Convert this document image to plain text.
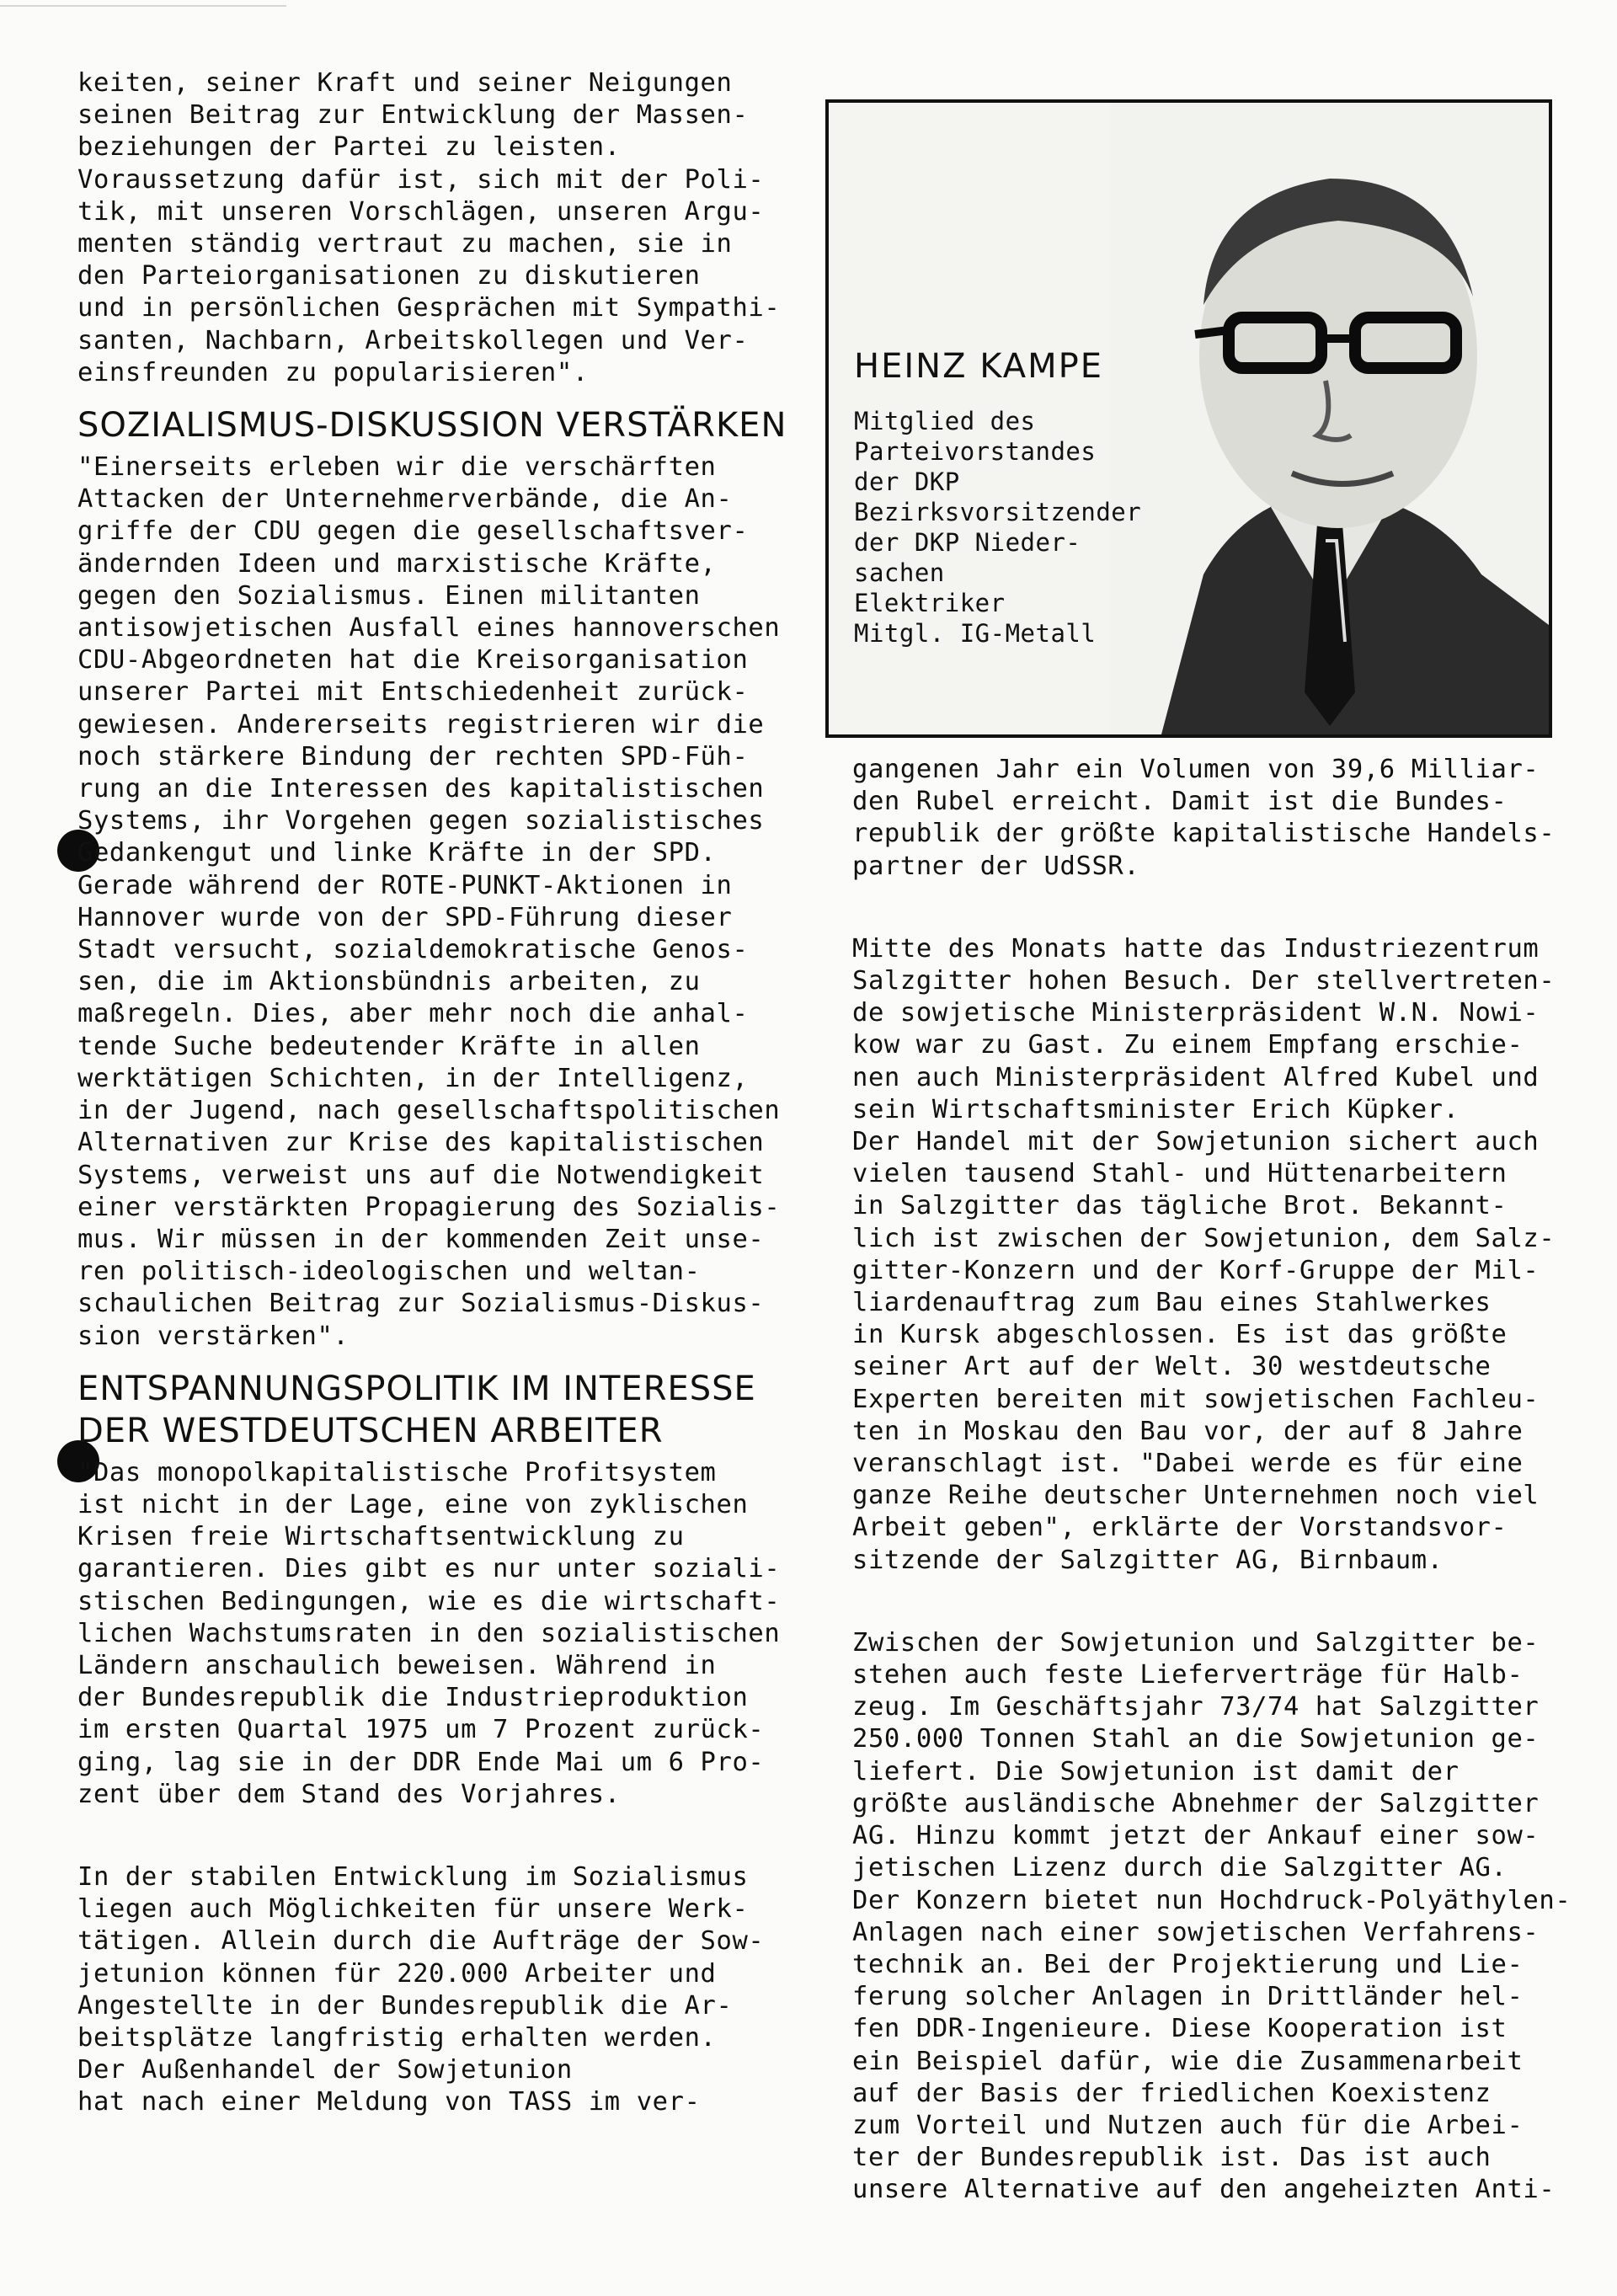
keiten, seiner Kraft und seiner Neigungen

seinen Beitrag zur Entwicklung der Massen-

beziehungen der Partei zu leisten.

Voraussetzung dafür ist, sich mit der Poli-

tik, mit unseren Vorschlägen, unseren Argu-

menten ständig vertraut zu machen, sie in

den Parteiorganisationen zu diskutieren

und in persönlichen Gesprächen mit Sympathi-

santen, Nachbarn, Arbeitskollegen und Ver-

einsfreunden zu popularisieren".

SOZIALISMUS-DISKUSSION VERSTÄRKEN

"Einerseits erleben wir die verschärften

Attacken der Unternehmerverbände, die An-

griffe der CDU gegen die gesellschaftsver-

ändernden Ideen und marxistische Kräfte,

gegen den Sozialismus. Einen militanten

antisowjetischen Ausfall eines hannoverschen

CDU-Abgeordneten hat die Kreisorganisation

unserer Partei mit Entschiedenheit zurück-

gewiesen. Andererseits registrieren wir die

noch stärkere Bindung der rechten SPD-Füh-

rung an die Interessen des kapitalistischen

Systems, ihr Vorgehen gegen sozialistisches

Gedankengut und linke Kräfte in der SPD.

Gerade während der ROTE-PUNKT-Aktionen in

Hannover wurde von der SPD-Führung dieser

Stadt versucht, sozialdemokratische Genos-

sen, die im Aktionsbündnis arbeiten, zu

maßregeln. Dies, aber mehr noch die anhal-

tende Suche bedeutender Kräfte in allen

werktätigen Schichten, in der Intelligenz,

in der Jugend, nach gesellschaftspolitischen

Alternativen zur Krise des kapitalistischen

Systems, verweist uns auf die Notwendigkeit

einer verstärkten Propagierung des Sozialis-

mus. Wir müssen in der kommenden Zeit unse-

ren politisch-ideologischen und weltan-

schaulichen Beitrag zur Sozialismus-Diskus-

sion verstärken".

ENTSPANNUNGSPOLITIK IM INTERESSE

DER WESTDEUTSCHEN ARBEITER

"Das monopolkapitalistische Profitsystem

ist nicht in der Lage, eine von zyklischen

Krisen freie Wirtschaftsentwicklung zu

garantieren. Dies gibt es nur unter soziali-

stischen Bedingungen, wie es die wirtschaft-

lichen Wachstumsraten in den sozialistischen

Ländern anschaulich beweisen. Während in

der Bundesrepublik die Industrieproduktion

im ersten Quartal 1975 um 7 Prozent zurück-

ging, lag sie in der DDR Ende Mai um 6 Pro-

zent über dem Stand des Vorjahres.

In der stabilen Entwicklung im Sozialismus

liegen auch Möglichkeiten für unsere Werk-

tätigen. Allein durch die Aufträge der Sow-

jetunion können für 220.000 Arbeiter und

Angestellte in der Bundesrepublik die Ar-

beitsplätze langfristig erhalten werden.

Der Außenhandel der Sowjetunion

hat nach einer Meldung von TASS im ver-

HEINZ KAMPE

Mitglied des

Parteivorstandes

der DKP

Bezirksvorsitzender

der DKP Nieder-

sachen

Elektriker

Mitgl. IG-Metall

gangenen Jahr ein Volumen von 39,6 Milliar-

den Rubel erreicht. Damit ist die Bundes-

republik der größte kapitalistische Handels-

partner der UdSSR.

Mitte des Monats hatte das Industriezentrum

Salzgitter hohen Besuch. Der stellvertreten-

de sowjetische Ministerpräsident W.N. Nowi-

kow war zu Gast. Zu einem Empfang erschie-

nen auch Ministerpräsident Alfred Kubel und

sein Wirtschaftsminister Erich Küpker.

Der Handel mit der Sowjetunion sichert auch

vielen tausend Stahl- und Hüttenarbeitern

in Salzgitter das tägliche Brot. Bekannt-

lich ist zwischen der Sowjetunion, dem Salz-

gitter-Konzern und der Korf-Gruppe der Mil-

liardenauftrag zum Bau eines Stahlwerkes

in Kursk abgeschlossen. Es ist das größte

seiner Art auf der Welt. 30 westdeutsche

Experten bereiten mit sowjetischen Fachleu-

ten in Moskau den Bau vor, der auf 8 Jahre

veranschlagt ist. "Dabei werde es für eine

ganze Reihe deutscher Unternehmen noch viel

Arbeit geben", erklärte der Vorstandsvor-

sitzende der Salzgitter AG, Birnbaum.

Zwischen der Sowjetunion und Salzgitter be-

stehen auch feste Lieferverträge für Halb-

zeug. Im Geschäftsjahr 73/74 hat Salzgitter

250.000 Tonnen Stahl an die Sowjetunion ge-

liefert. Die Sowjetunion ist damit der

größte ausländische Abnehmer der Salzgitter

AG. Hinzu kommt jetzt der Ankauf einer sow-

jetischen Lizenz durch die Salzgitter AG.

Der Konzern bietet nun Hochdruck-Polyäthylen-

Anlagen nach einer sowjetischen Verfahrens-

technik an. Bei der Projektierung und Lie-

ferung solcher Anlagen in Drittländer hel-

fen DDR-Ingenieure. Diese Kooperation ist

ein Beispiel dafür, wie die Zusammenarbeit

auf der Basis der friedlichen Koexistenz

zum Vorteil und Nutzen auch für die Arbei-

ter der Bundesrepublik ist. Das ist auch

unsere Alternative auf den angeheizten Anti-
